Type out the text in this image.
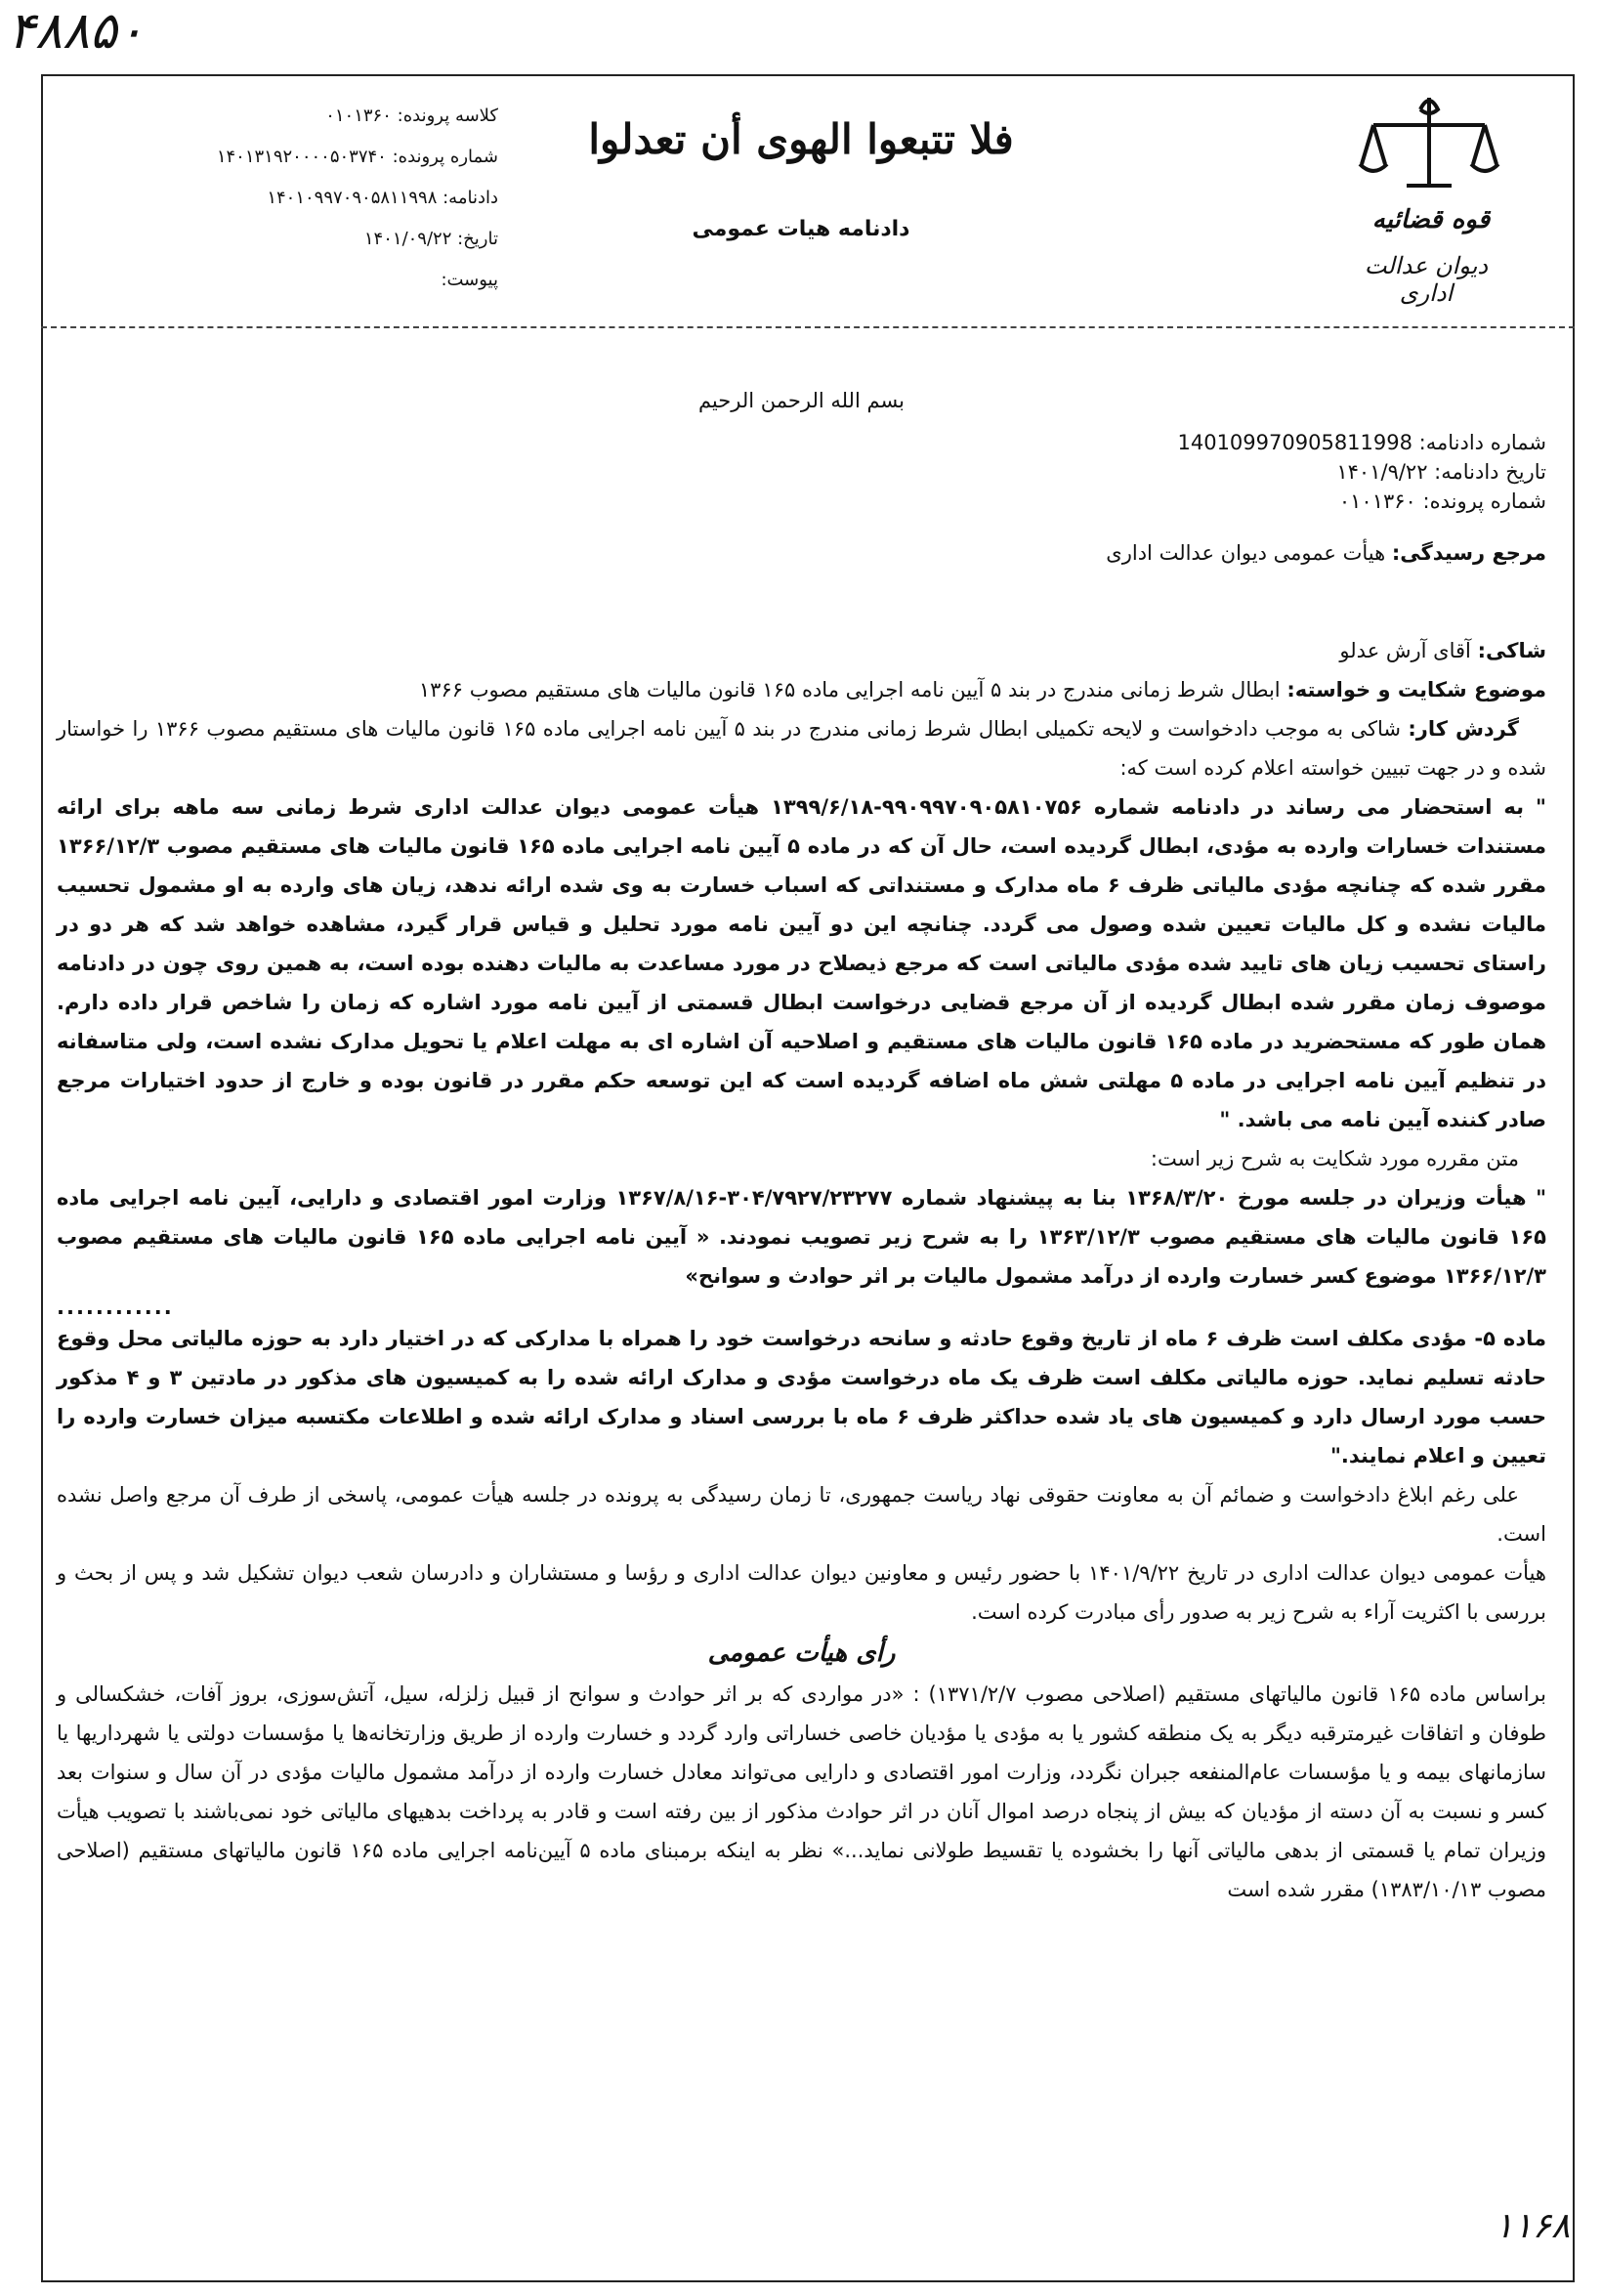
۴۸۸۵۰
۱۱۶۸
کلاسه پرونده: ۰۱۰۱۳۶۰
شماره پرونده: ۱۴۰۱۳۱۹۲۰۰۰۰۵۰۳۷۴۰
دادنامه: ۱۴۰۱۰۹۹۷۰۹۰۵۸۱۱۹۹۸
تاریخ: ۱۴۰۱/۰۹/۲۲
پیوست:
فلا تتبعوا الهوی أن تعدلوا
دادنامه هیات عمومی	قوه قضائیه
دیوان عدالت اداری
بسم الله الرحمن الرحیم
شماره دادنامه: 140109970905811998
تاریخ دادنامه: ۱۴۰۱/۹/۲۲
شماره پرونده: ۰۱۰۱۳۶۰

مرجع رسیدگی: هیأت عمومی دیوان عدالت اداری

شاکی: آقای آرش عدلو

موضوع شکایت و خواسته: ابطال شرط زمانی مندرج در بند ۵ آیین نامه اجرایی ماده ۱۶۵ قانون مالیات های مستقیم مصوب ۱۳۶۶

گردش کار: شاکی به موجب دادخواست و لایحه تکمیلی ابطال شرط زمانی مندرج در بند ۵ آیین نامه اجرایی ماده ۱۶۵ قانون مالیات های مستقیم مصوب ۱۳۶۶ را خواستار شده و در جهت تبیین خواسته اعلام کرده است که:

" به استحضار می رساند در دادنامه شماره ۹۹۰۹۹۷۰۹۰۵۸۱۰۷۵۶-۱۳۹۹/۶/۱۸ هیأت عمومی دیوان عدالت اداری شرط زمانی سه ماهه برای ارائه مستندات خسارات وارده به مؤدی، ابطال گردیده است، حال آن که در ماده ۵ آیین نامه اجرایی ماده ۱۶۵ قانون مالیات های مستقیم مصوب ۱۳۶۶/۱۲/۳ مقرر شده که چنانچه مؤدی مالیاتی ظرف ۶ ماه مدارک و مستنداتی که اسباب خسارت به وی شده ارائه ندهد، زیان های وارده به او مشمول تحسیب مالیات نشده و کل مالیات تعیین شده وصول می گردد. چنانچه این دو آیین نامه مورد تحلیل و قیاس قرار گیرد، مشاهده خواهد شد که هر دو در راستای تحسیب زیان های تایید شده مؤدی مالیاتی است که مرجع ذیصلاح در مورد مساعدت به مالیات دهنده بوده است، به همین روی چون در دادنامه موصوف زمان مقرر شده ابطال گردیده از آن مرجع قضایی درخواست ابطال قسمتی از آیین نامه مورد اشاره که زمان را شاخص قرار داده دارم. همان طور که مستحضرید در ماده ۱۶۵ قانون مالیات های مستقیم و اصلاحیه آن اشاره ای به مهلت اعلام یا تحویل مدارک نشده است، ولی متاسفانه در تنظیم آیین نامه اجرایی در ماده ۵ مهلتی شش ماه اضافه گردیده است که این توسعه حکم مقرر در قانون بوده و خارج از حدود اختیارات مرجع صادر کننده آیین نامه می باشد. "

متن مقرره مورد شکایت به شرح زیر است:

" هیأت وزیران در جلسه مورخ ۱۳۶۸/۳/۲۰ بنا به پیشنهاد شماره ۳۰۴/۷۹۲۷/۲۳۲۷۷-۱۳۶۷/۸/۱۶ وزارت امور اقتصادی و دارایی، آیین نامه اجرایی ماده ۱۶۵ قانون مالیات های مستقیم مصوب ۱۳۶۳/۱۲/۳ را به شرح زیر تصویب نمودند. « آیین نامه اجرایی ماده ۱۶۵ قانون مالیات های مستقیم مصوب ۱۳۶۶/۱۲/۳ موضوع کسر خسارت وارده از درآمد مشمول مالیات بر اثر حوادث و سوانح»

............

ماده ۵- مؤدی مکلف است ظرف ۶ ماه از تاریخ وقوع حادثه و سانحه درخواست خود را همراه با مدارکی که در اختیار دارد به حوزه مالیاتی محل وقوع حادثه تسلیم نماید. حوزه مالیاتی مکلف است ظرف یک ماه درخواست مؤدی و مدارک ارائه شده را به کمیسیون های مذکور در مادتین ۳ و ۴ مذکور حسب مورد ارسال دارد و کمیسیون های یاد شده حداکثر ظرف ۶ ماه با بررسی اسناد و مدارک ارائه شده و اطلاعات مکتسبه میزان خسارت وارده را تعیین و اعلام نمایند."

علی رغم ابلاغ دادخواست و ضمائم آن به معاونت حقوقی نهاد ریاست جمهوری، تا زمان رسیدگی به پرونده در جلسه هیأت عمومی، پاسخی از طرف آن مرجع واصل نشده است.

هیأت عمومی دیوان عدالت اداری در تاریخ ۱۴۰۱/۹/۲۲ با حضور رئیس و معاونین دیوان عدالت اداری و رؤسا و مستشاران و دادرسان شعب دیوان تشکیل شد و پس از بحث و بررسی با اکثریت آراء به شرح زیر به صدور رأی مبادرت کرده است.

رأی هیأت عمومی

براساس ماده ۱۶۵ قانون مالیاتهای مستقیم (اصلاحی مصوب ۱۳۷۱/۲/۷) : «در مواردی که بر اثر حوادث و سوانح از قبیل زلزله، سیل، آتش‌سوزی، بروز آفات، خشکسالی و طوفان و اتفاقات غیرمترقبه دیگر به یک منطقه کشور یا به مؤدی یا مؤدیان خاصی خساراتی وارد گردد و خسارت وارده از طریق وزارتخانه‌ها یا مؤسسات دولتی یا شهرداریها یا سازمانهای بیمه و یا مؤسسات عام‌المنفعه جبران نگردد، وزارت امور اقتصادی و دارایی می‌تواند معادل خسارت وارده از درآمد مشمول مالیات مؤدی در آن سال و سنوات بعد کسر و نسبت به آن دسته از مؤدیان که بیش از پنجاه درصد اموال آنان در اثر حوادث مذکور از بین رفته است و قادر به پرداخت بدهیهای مالیاتی خود نمی‌باشند با تصویب هیأت وزیران تمام یا قسمتی از بدهی مالیاتی آنها را بخشوده یا تقسیط طولانی نماید...» نظر به اینکه برمبنای ماده ۵ آیین‌نامه اجرایی ماده ۱۶۵ قانون مالیاتهای مستقیم (اصلاحی مصوب ۱۳۸۳/۱۰/۱۳) مقرر شده است
